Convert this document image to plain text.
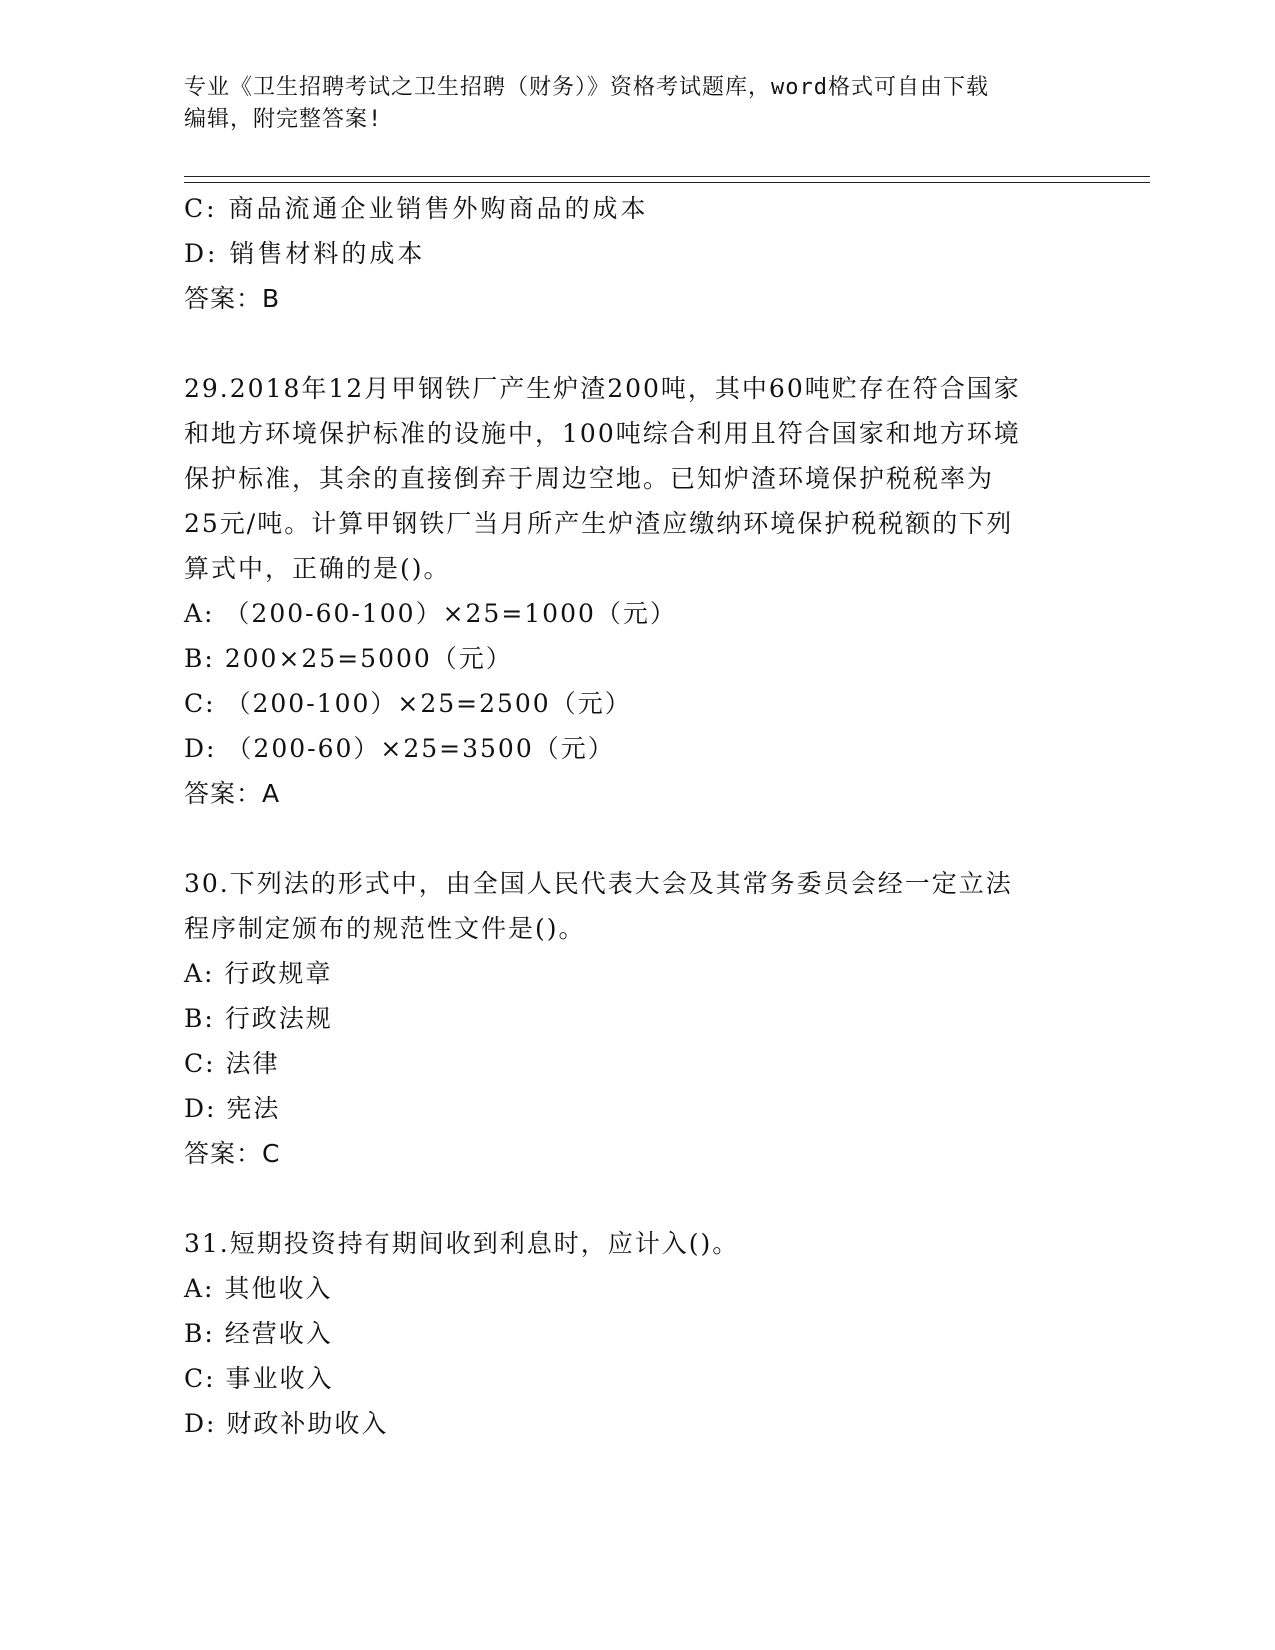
专业《卫生招聘考试之卫生招聘（财务）》资格考试题库，word格式可自由下载
编辑，附完整答案!
C: 商品流通企业销售外购商品的成本
D: 销售材料的成本
答案：B
29.2018年12月甲钢铁厂产生炉渣200吨，其中60吨贮存在符合国家
和地方环境保护标准的设施中，100吨综合利用且符合国家和地方环境
保护标准，其余的直接倒弃于周边空地。已知炉渣环境保护税税率为
25元/吨。计算甲钢铁厂当月所产生炉渣应缴纳环境保护税税额的下列
算式中，正确的是()。
A: （200-60-100）×25=1000（元）
B: 200×25=5000（元）
C: （200-100）×25=2500（元）
D: （200-60）×25=3500（元）
答案：A
30.下列法的形式中，由全国人民代表大会及其常务委员会经一定立法
程序制定颁布的规范性文件是()。
A: 行政规章
B: 行政法规
C: 法律
D: 宪法
答案：C
31.短期投资持有期间收到利息时，应计入()。
A: 其他收入
B: 经营收入
C: 事业收入
D: 财政补助收入
